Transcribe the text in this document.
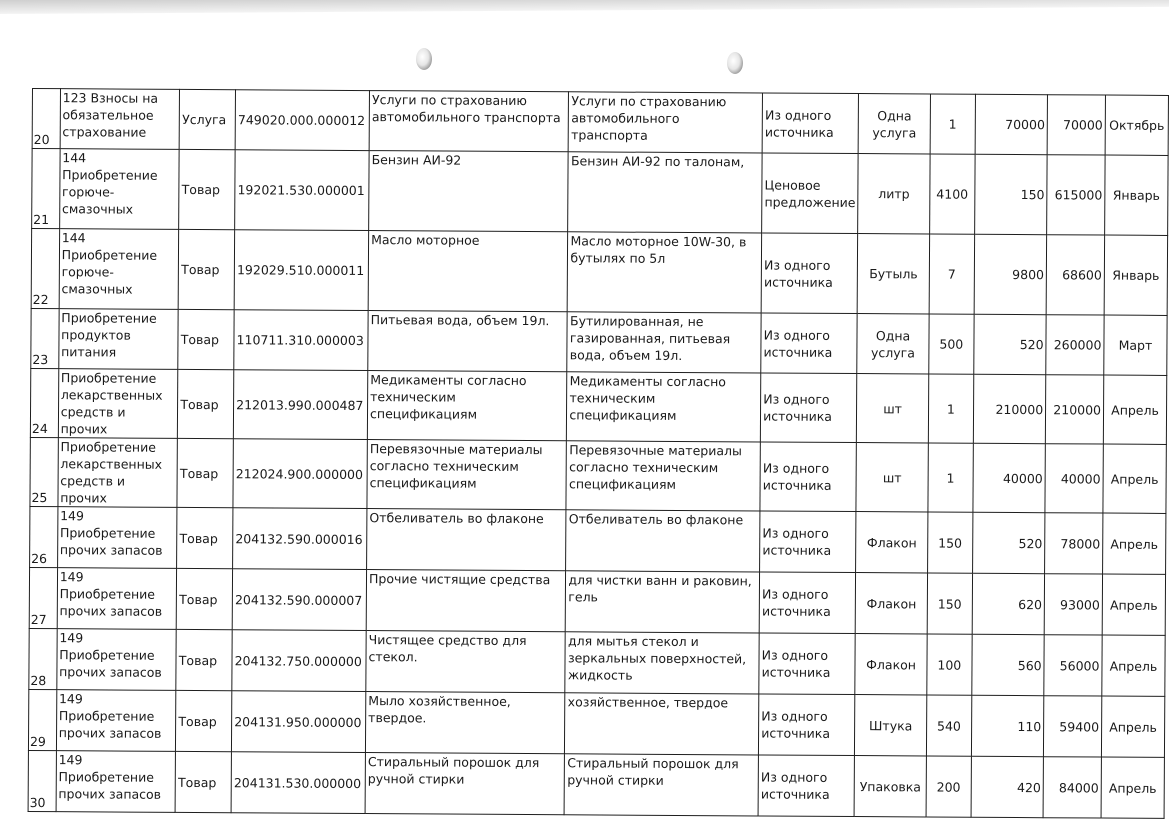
20	123 Взносы на обязательное страхование	Услуга	749020.000.000012	Услуги по страхованию автомобильного транспорта	Услуги по страхованию автомобильного транспорта	Из одного источника	Одна услуга	1	70000	70000	Октябрь
21	144 Приобретение горюче-смазочных	Товар	192021.530.000001	Бензин АИ-92	Бензин АИ-92 по талонам,	Ценовое предложение	литр	4100	150	615000	Январь
22	144 Приобретение горюче-смазочных	Товар	192029.510.000011	Масло моторное	Масло моторное 10W-30, в бутылях по 5л	Из одного источника	Бутыль	7	9800	68600	Январь
23	Приобретение продуктов питания	Товар	110711.310.000003	Питьевая вода, объем 19л.	Бутилированная, не газированная, питьевая вода, объем 19л.	Из одного источника	Одна услуга	500	520	260000	Март
24	Приобретение лекарственных средств и прочих	Товар	212013.990.000487	Медикаменты согласно техническим спецификациям	Медикаменты согласно техническим спецификациям	Из одного источника	шт	1	210000	210000	Апрель
25	Приобретение лекарственных средств и прочих	Товар	212024.900.000000	Перевязочные материалы согласно техническим спецификациям	Перевязочные материалы согласно техническим спецификациям	Из одного источника	шт	1	40000	40000	Апрель
26	149 Приобретение прочих запасов	Товар	204132.590.000016	Отбеливатель во флаконе	Отбеливатель во флаконе	Из одного источника	Флакон	150	520	78000	Апрель
27	149 Приобретение прочих запасов	Товар	204132.590.000007	Прочие чистящие средства	для чистки ванн и раковин, гель	Из одного источника	Флакон	150	620	93000	Апрель
28	149 Приобретение прочих запасов	Товар	204132.750.000000	Чистящее средство для стекол.	для мытья стекол и зеркальных поверхностей, жидкость	Из одного источника	Флакон	100	560	56000	Апрель
29	149 Приобретение прочих запасов	Товар	204131.950.000000	Мыло хозяйственное, твердое.	хозяйственное, твердое	Из одного источника	Штука	540	110	59400	Апрель
30	149 Приобретение прочих запасов	Товар	204131.530.000000	Стиральный порошок для ручной стирки	Стиральный порошок для ручной стирки	Из одного источника	Упаковка	200	420	84000	Апрель
